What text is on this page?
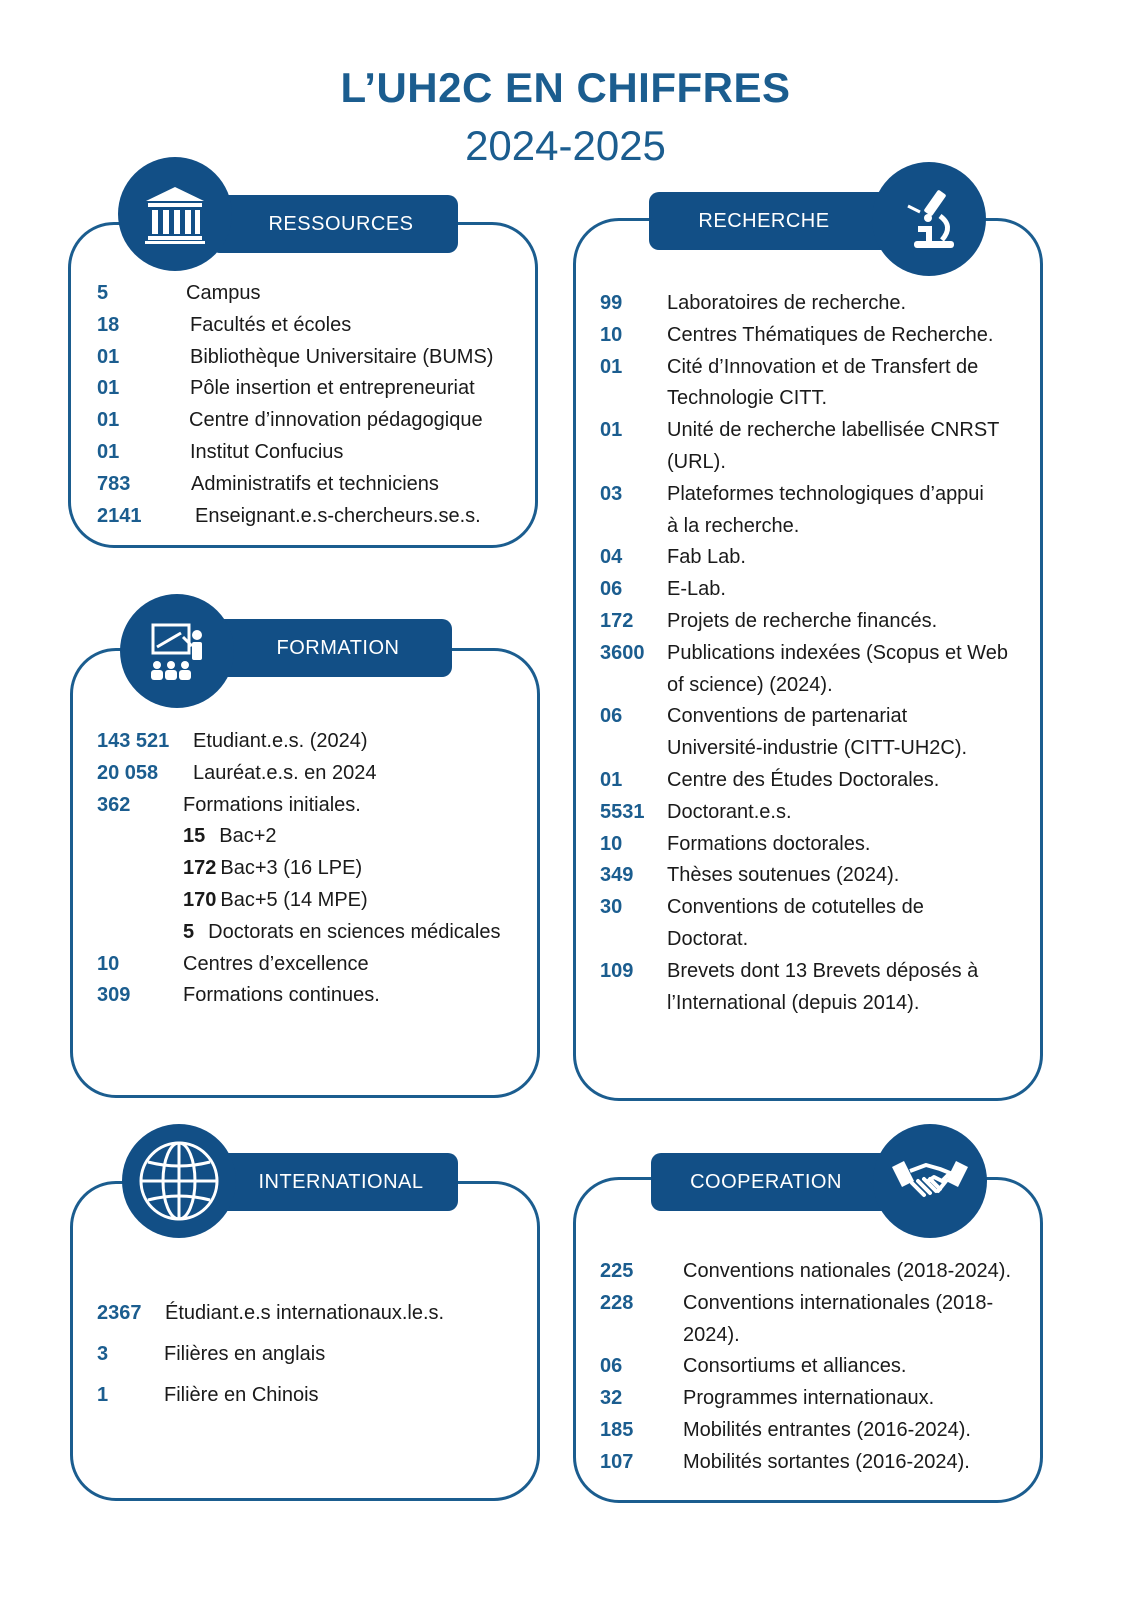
L’UH2C EN CHIFFRES
2024-2025
RESSOURCES
5	Campus
18	Facultés et écoles
01	Bibliothèque Universitaire (BUMS)
01	Pôle insertion et entrepreneuriat
01	Centre d’innovation pédagogique
01	Institut Confucius
783	Administratifs et techniciens
2141	Enseignant.e.s-chercheurs.se.s.
FORMATION
143 521 Etudiant.e.s. (2024)
20 058 Lauréat.e.s. en 2024
362	Formations initiales.
15 Bac+2
172 Bac+3 (16 LPE)
170 Bac+5 (14 MPE)
5 Doctorats en sciences médicales
10	Centres d’excellence
309	Formations continues.
RECHERCHE
99 Laboratoires de recherche.
10 Centres Thématiques de Recherche.
01 Cité d’Innovation et de Transfert de
Technologie CITT.
01 Unité de recherche labellisée CNRST
(URL).
03 Plateformes technologiques d’appui
à la recherche.
04 Fab Lab.
06 E-Lab.
172 Projets de recherche financés.
3600 Publications indexées (Scopus et Web
of science) (2024).
06 Conventions de partenariat
Université-industrie (CITT-UH2C).
01 Centre des Études Doctorales.
5531 Doctorant.e.s.
10 Formations doctorales.
349 Thèses soutenues (2024).
30 Conventions de cotutelles de
Doctorat.
109 Brevets dont 13 Brevets déposés à
l’International (depuis 2014).
INTERNATIONAL
2367 Étudiant.e.s internationaux.le.s.
3	Filières en anglais
1	Filière en Chinois
COOPERATION
225 Conventions nationales (2018-2024).
228 Conventions internationales (2018-
2024).
06	Consortiums et alliances.
32	Programmes internationaux.
185 Mobilités entrantes (2016-2024).
107 Mobilités sortantes (2016-2024).
